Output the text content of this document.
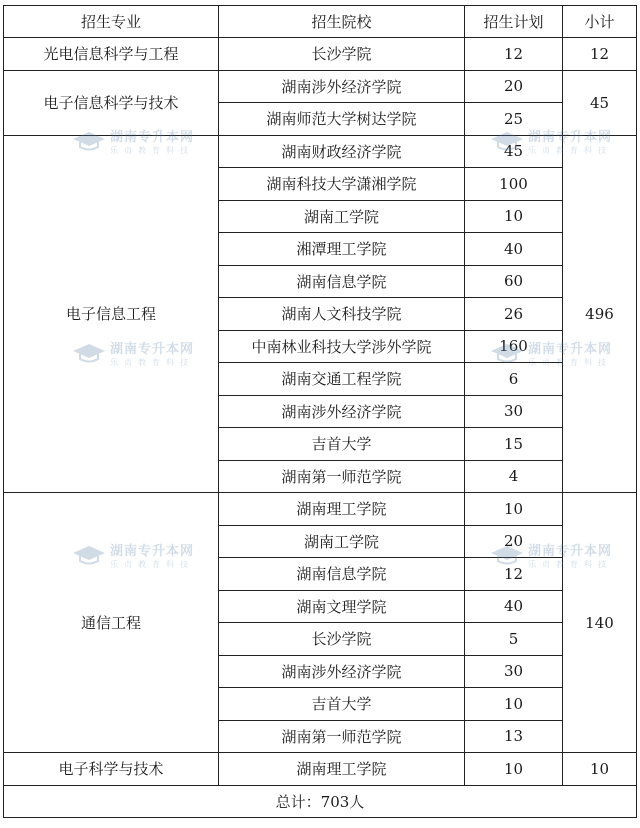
招生专业	招生院校	招生计划	小计
光电信息科学与工程	长沙学院	12	12
电子信息科学与技术	湖南涉外经济学院	20	45
	湖南师范大学树达学院	25	
电子信息工程	湖南财政经济学院	45	496
	湖南科技大学潇湘学院	100	
	湖南工学院	10	
	湘潭理工学院	40	
	湖南信息学院	60	
	湖南人文科技学院	26	
	中南林业科技大学涉外学院	160	
	湖南交通工程学院	6	
	湖南涉外经济学院	30	
	吉首大学	15	
	湖南第一师范学院	4	
通信工程	湖南理工学院	10	140
	湖南工学院	20	
	湖南信息学院	12	
	湖南文理学院	40	
	长沙学院	5	
	湖南涉外经济学院	30	
	吉首大学	10	
	湖南第一师范学院	13	
电子科学与技术	湖南理工学院	10	10
总计：703人			
湖南专升本网
乐贞教育科技
湖南专升本网
乐贞教育科技
湖南专升本网
乐贞教育科技
湖南专升本网
乐贞教育科技
湖南专升本网
乐贞教育科技
湖南专升本网
乐贞教育科技
